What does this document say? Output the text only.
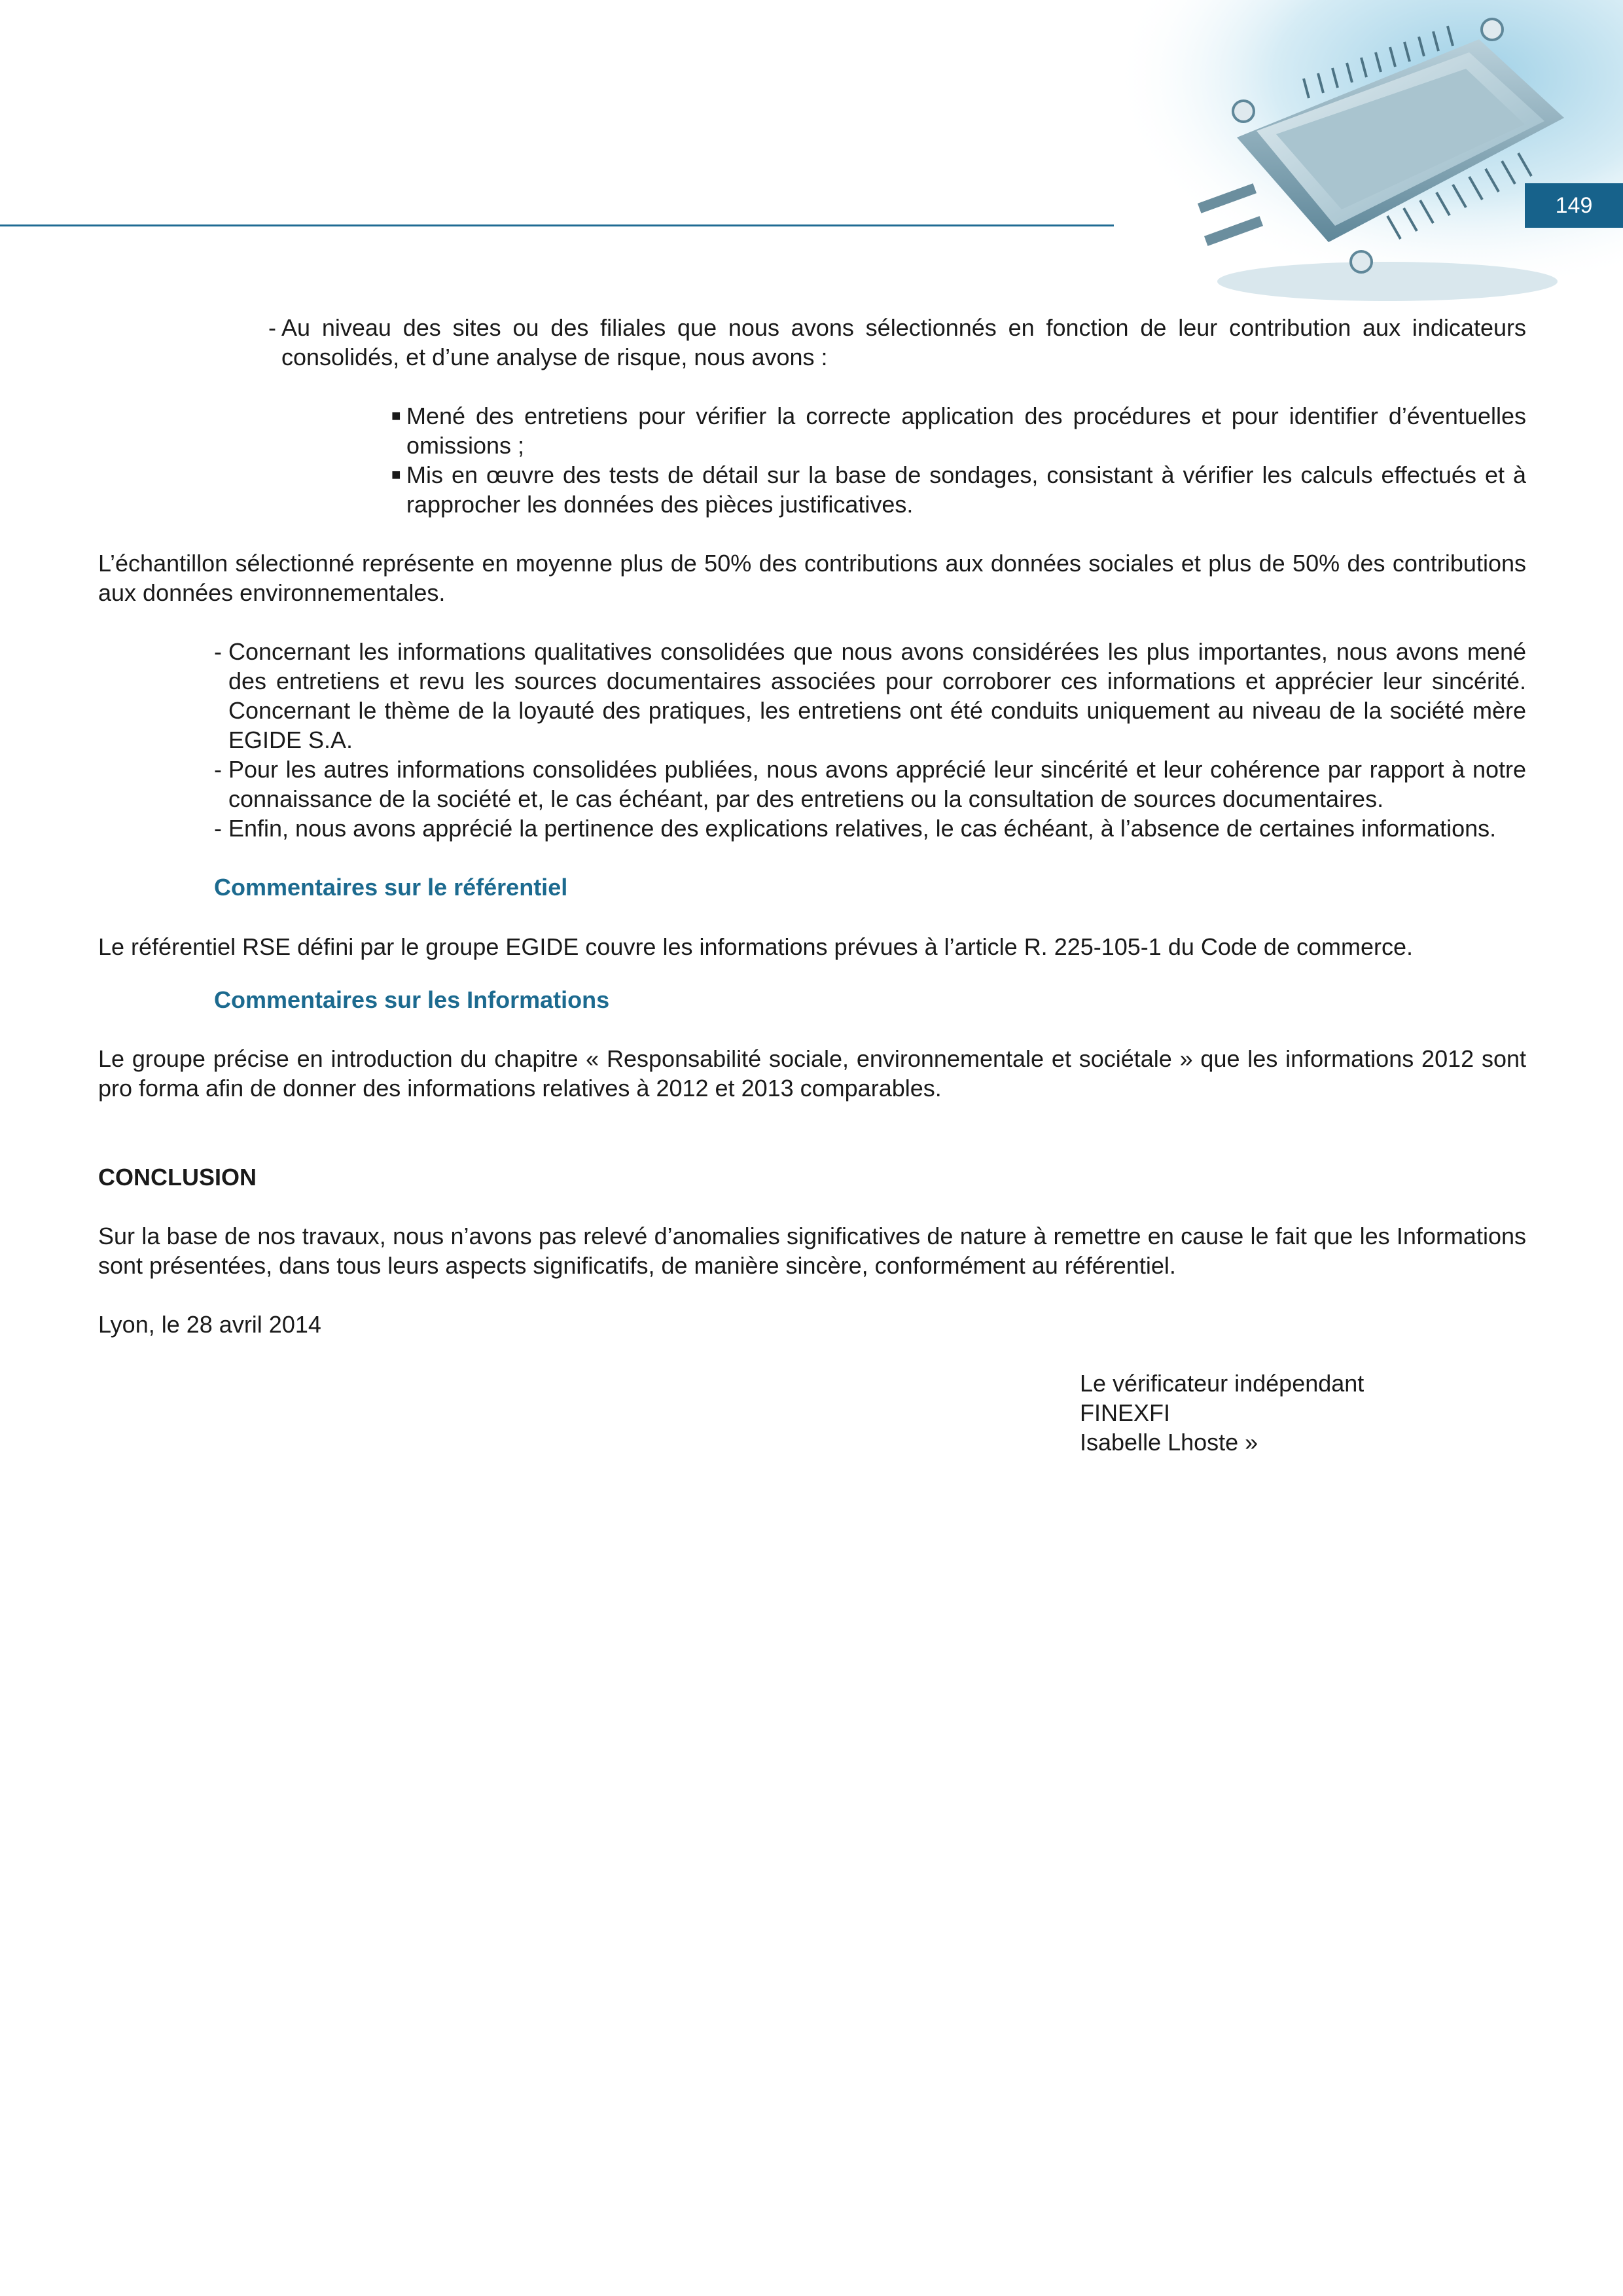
149
- Au niveau des sites ou des filiales que nous avons sélectionnés en fonction de leur contribution aux indicateurs consolidés, et d’une analyse de risque, nous avons :
■ Mené des entretiens pour vérifier la correcte application des procédures et pour identifier d’éventuelles omissions ;
■ Mis en œuvre des tests de détail sur la base de sondages, consistant à vérifier les calculs effectués et à rapprocher les données des pièces justificatives.
L’échantillon sélectionné représente en moyenne plus de 50% des contributions aux données sociales et plus de 50% des contributions aux données environnementales.
- Concernant les informations qualitatives consolidées que nous avons considérées les plus importantes, nous avons mené des entretiens et revu les sources documentaires associées pour corroborer ces informations et apprécier leur sincérité. Concernant le thème de la loyauté des pratiques, les entretiens ont été conduits uniquement au niveau de la société mère EGIDE S.A.
- Pour les autres informations consolidées publiées, nous avons apprécié leur sincérité et leur cohérence par rapport à notre connaissance de la société et, le cas échéant, par des entretiens ou la consultation de sources documentaires.
- Enfin, nous avons apprécié la pertinence des explications relatives, le cas échéant, à l’absence de certaines informations.
Commentaires sur le référentiel
Le référentiel RSE défini par le groupe EGIDE couvre les informations prévues à l’article R. 225-105-1 du Code de commerce.
Commentaires sur les Informations
Le groupe précise en introduction du chapitre « Responsabilité sociale, environnementale et sociétale » que les informations 2012 sont pro forma afin de donner des informations relatives à 2012 et 2013 comparables.
CONCLUSION
Sur la base de nos travaux, nous n’avons pas relevé d’anomalies significatives de nature à remettre en cause le fait que les Informations sont présentées, dans tous leurs aspects significatifs, de manière sincère, conformément au référentiel.
Lyon, le 28 avril 2014
Le vérificateur indépendant
FINEXFI
Isabelle Lhoste »
